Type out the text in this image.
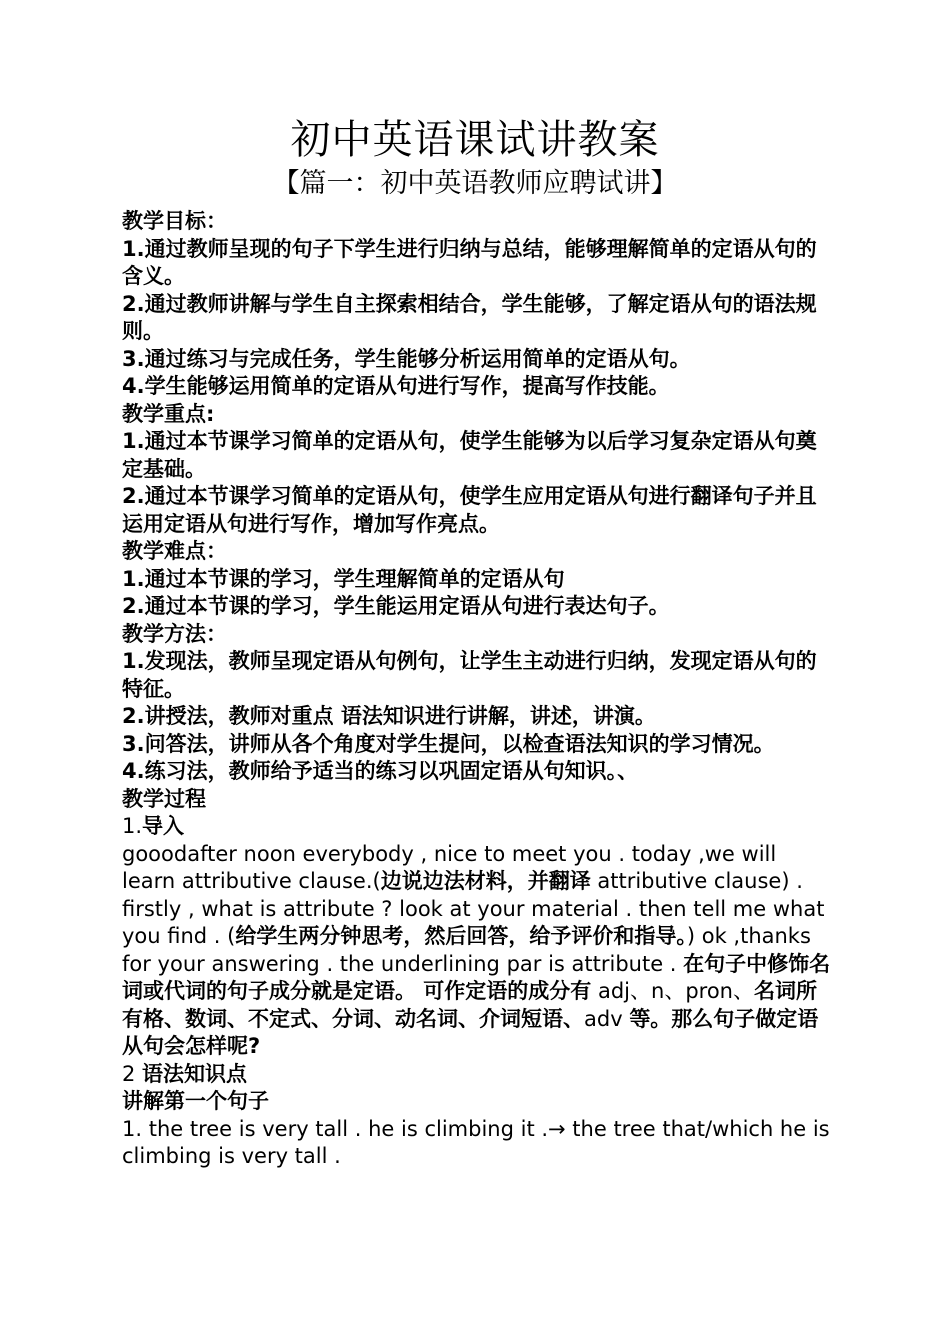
初中英语课试讲教案
【篇一：初中英语教师应聘试讲】

教学目标：

1.通过教师呈现的句子下学生进行归纳与总结，能够理解简单的定语从句的含义。

2.通过教师讲解与学生自主探索相结合，学生能够，了解定语从句的语法规则。

3.通过练习与完成任务，学生能够分析运用简单的定语从句。

4.学生能够运用简单的定语从句进行写作，提高写作技能。

教学重点:

1.通过本节课学习简单的定语从句，使学生能够为以后学习复杂定语从句奠定基础。

2.通过本节课学习简单的定语从句，使学生应用定语从句进行翻译句子并且运用定语从句进行写作，增加写作亮点。

教学难点：

1.通过本节课的学习，学生理解简单的定语从句

2.通过本节课的学习，学生能运用定语从句进行表达句子。

教学方法：

1.发现法，教师呈现定语从句例句，让学生主动进行归纳，发现定语从句的特征。

2.讲授法，教师对重点 语法知识进行讲解，讲述，讲演。

3.问答法，讲师从各个角度对学生提问，以检查语法知识的学习情况。

4.练习法，教师给予适当的练习以巩固定语从句知识。、

教学过程

1.导入

gooodafter noon everybody , nice to meet you . today ,we will learn attributive clause.(边说边法材料，并翻译 attributive clause) . firstly , what is attribute ? look at your material . then tell me what you find . (给学生两分钟思考，然后回答，给予评价和指导。) ok ,thanks for your answering . the underlining par is attribute . 在句子中修饰名词或代词的句子成分就是定语。 可作定语的成分有 adj、n、pron、名词所有格、数词、不定式、分词、动名词、介词短语、adv 等。那么句子做定语从句会怎样呢?

2 语法知识点

讲解第一个句子

1. the tree is very tall . he is climbing it .→ the tree that/which he is climbing is very tall .
